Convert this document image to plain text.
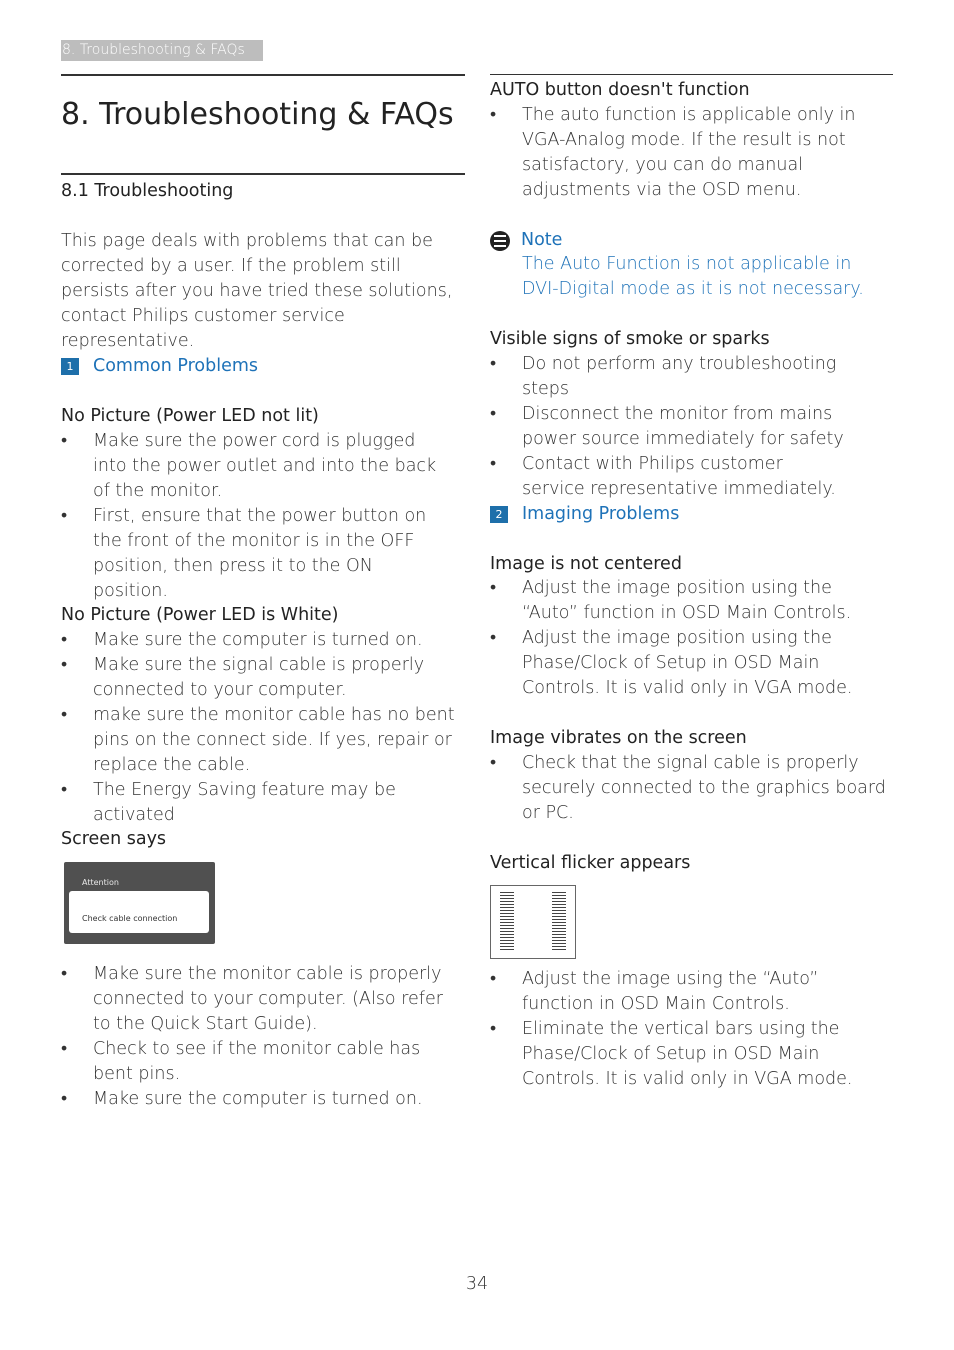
8. Troubleshooting & FAQs
8. Troubleshooting & FAQs

8.1 Troubleshooting

This page deals with problems that can be corrected by a user. If the problem still persists after you have tried these solutions, contact Philips customer service representative.

1	Common Problems

No Picture (Power LED not lit)

• Make sure the power cord is plugged into the power outlet and into the back of the monitor.
• First, ensure that the power button on the front of the monitor is in the OFF position, then press it to the ON position.

No Picture (Power LED is White)

• Make sure the computer is turned on.
• Make sure the signal cable is properly connected to your computer.
• make sure the monitor cable has no bent pins on the connect side. If yes, repair or replace the cable.
• The Energy Saving feature may be activated

Screen says

Attention
Check cable connection
• Make sure the monitor cable is properly connected to your computer. (Also refer to the Quick Start Guide).
• Check to see if the monitor cable has bent pins.
• Make sure the computer is turned on.

AUTO button doesn't function

• The auto function is applicable only in VGA-Analog mode. If the result is not satisfactory, you can do manual adjustments via the OSD menu.
Note

The Auto Function is not applicable in DVI-Digital mode as it is not necessary.

Visible signs of smoke or sparks

• Do not perform any troubleshooting steps
• Disconnect the monitor from mains power source immediately for safety
• Contact with Philips customer service representative immediately.
2	Imaging Problems

Image is not centered

• Adjust the image position using the “Auto” function in OSD Main Controls.
• Adjust the image position using the Phase/Clock of Setup in OSD Main Controls. It is valid only in VGA mode.

Image vibrates on the screen

• Check that the signal cable is properly securely connected to the graphics board or PC.

Vertical flicker appears

• Adjust the image using the “Auto” function in OSD Main Controls.
• Eliminate the vertical bars using the Phase/Clock of Setup in OSD Main Controls. It is valid only in VGA mode.
34
